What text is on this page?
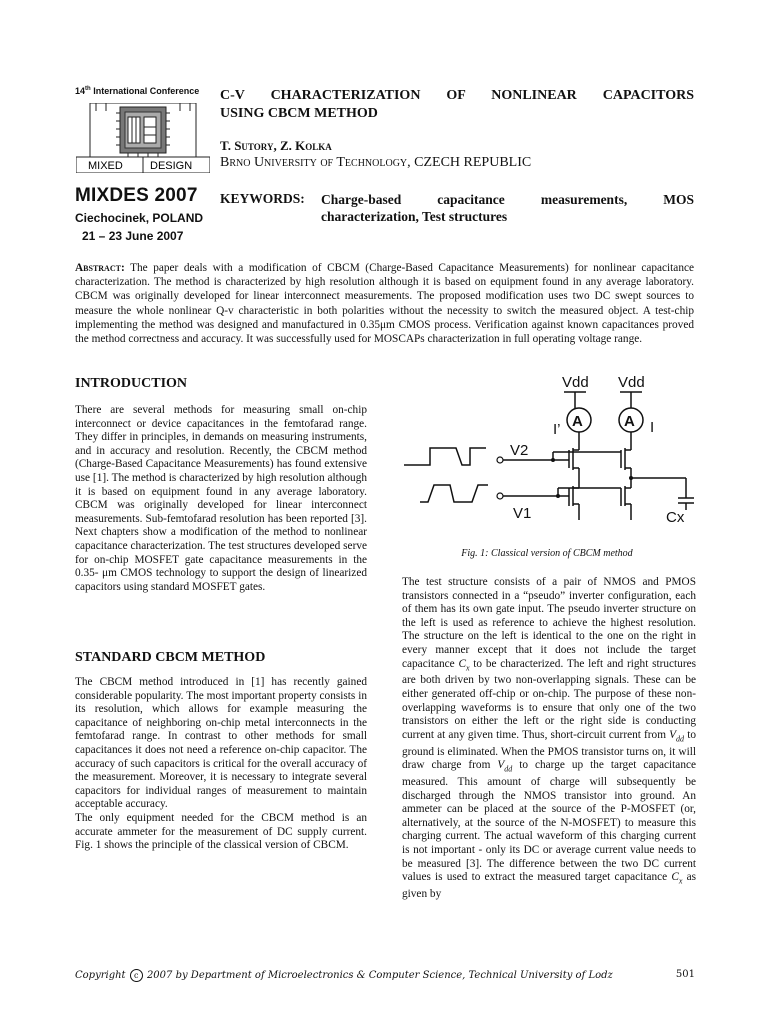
14th International Conference
MIXED DESIGN
MIXDES 2007
Ciechocinek, POLAND
21 – 23 June 2007
C-V CHARACTERIZATION OF NONLINEAR CAPACITORS
USING CBCM METHOD
T. Sutory, Z. Kolka
Brno University of Technology, CZECH REPUBLIC
KEYWORDS: Charge-based capacitance measurements, MOS
characterization, Test structures
Abstract: The paper deals with a modification of CBCM (Charge-Based Capacitance Measurements) for nonlinear capacitance characterization. The method is characterized by high resolution although it is based on equipment found in any average laboratory. CBCM was originally developed for linear interconnect measurements. The proposed modification uses two DC swept sources to measure the whole nonlinear Q-v characteristic in both polarities without the necessity to switch the measured object. A test-chip implementing the method was designed and manufactured in 0.35μm CMOS process. Verification against known capacitances proved the method correctness and accuracy. It was successfully used for MOSCAPs characterization in full operating voltage range.
INTRODUCTION
There are several methods for measuring small on-chip interconnect or device capacitances in the femtofarad range. They differ in principles, in demands on measuring instruments, and in accuracy and resolution. Recently, the CBCM method (Charge-Based Capacitance Measurements) has found extensive use [1]. The method is characterized by high resolution although it is based on equipment found in any average laboratory. CBCM was originally developed for linear interconnect measurements. Sub-femtofarad resolution has been reported [3]. Next chapters show a modification of the method to nonlinear capacitance characterization. The test structures developed serve for on-chip MOSFET gate capacitance measurements in the 0.35- μm CMOS technology to support the design of linearized capacitors using standard MOSFET gates.
STANDARD CBCM METHOD

The CBCM method introduced in [1] has recently gained considerable popularity. The most important property consists in its resolution, which allows for example measuring the capacitance of neighboring on-chip metal interconnects in the femtofarad range. In contrast to other methods for small capacitances it does not need a reference on-chip capacitor. The accuracy of such capacitors is critical for the overall accuracy of the measurement. Moreover, it is necessary to integrate several capacitors for individual ranges of measurement to maintain acceptable accuracy.

The only equipment needed for the CBCM method is an accurate ammeter for the measurement of DC supply current. Fig. 1 shows the principle of the classical version of CBCM.

Vdd Vdd
A	A
I’	I
V2
V1	Cx
Fig. 1: Classical version of CBCM method
The test structure consists of a pair of NMOS and PMOS transistors connected in a “pseudo” inverter configuration, each of them has its own gate input. The pseudo inverter structure on the left is used as reference to achieve the highest resolution. The structure on the left is identical to the one on the right in every manner except that it does not include the target capacitance $C_x$ to be characterized. The left and right structures are both driven by two non-overlapping signals. These can be either generated off-chip or on-chip. The purpose of these non-overlapping waveforms is to ensure that only one of the two transistors on either the left or the right side is conducting current at any given time. Thus, short-circuit current from $V_{dd}$ to ground is eliminated. When the PMOS transistor turns on, it will draw charge from $V_{dd}$ to charge up the target capacitance measured. This amount of charge will subsequently be discharged through the NMOS transistor into ground. An ammeter can be placed at the source of the P-MOSFET (or, alternatively, at the source of the N-MOSFET) to measure this charging current. The actual waveform of this charging current is not important - only its DC or average current value needs to be measured [3]. The difference between the two DC current values is used to extract the measured target capacitance $C_x$ as given by
Copyright c 2007 by Department of Microelectronics & Computer Science, Technical University of Lodz	501
